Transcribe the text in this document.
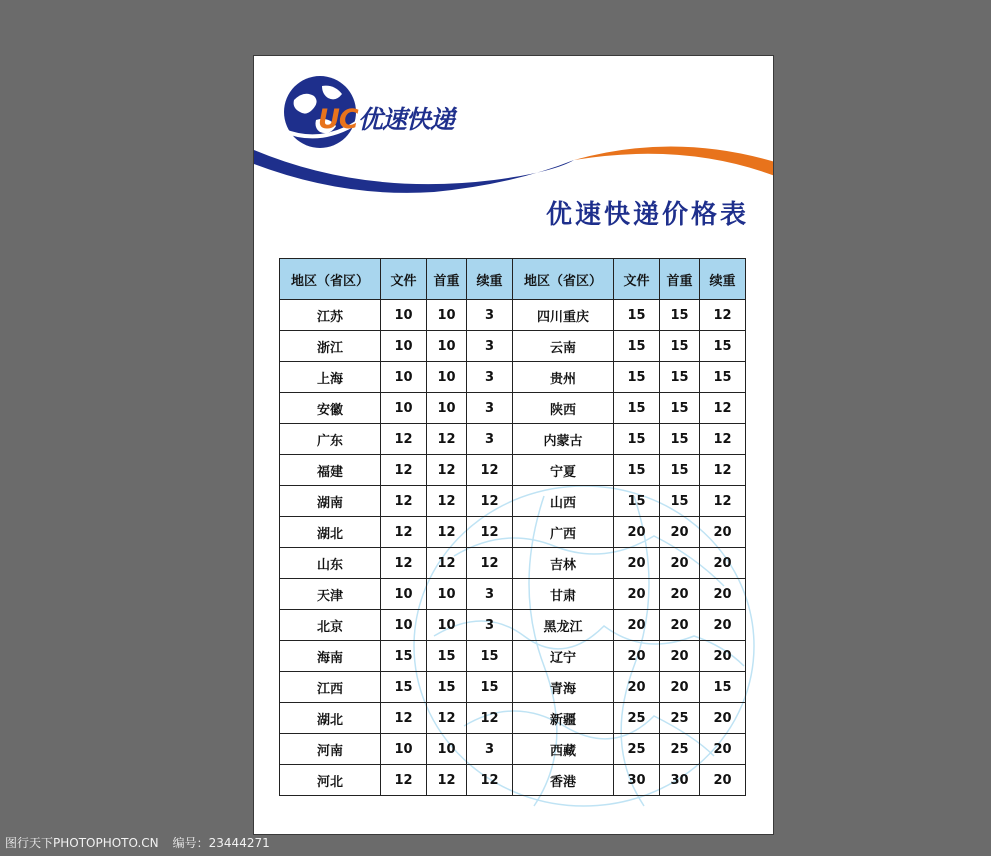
UC优速快递
优速快递价格表
地区（省区）	文件	首重	续重	地区（省区）	文件	首重	续重
江苏	10	10	3	四川重庆	15	15	12
浙江	10	10	3	云南	15	15	15
上海	10	10	3	贵州	15	15	15
安徽	10	10	3	陕西	15	15	12
广东	12	12	3	内蒙古	15	15	12
福建	12	12	12	宁夏	15	15	12
湖南	12	12	12	山西	15	15	12
湖北	12	12	12	广西	20	20	20
山东	12	12	12	吉林	20	20	20
天津	10	10	3	甘肃	20	20	20
北京	10	10	3	黑龙江	20	20	20
海南	15	15	15	辽宁	20	20	20
江西	15	15	15	青海	20	20	15
湖北	12	12	12	新疆	25	25	20
河南	10	10	3	西藏	25	25	20
河北	12	12	12	香港	30	30	20
图行天下PHOTOPHOTO.CN 编号：23444271
